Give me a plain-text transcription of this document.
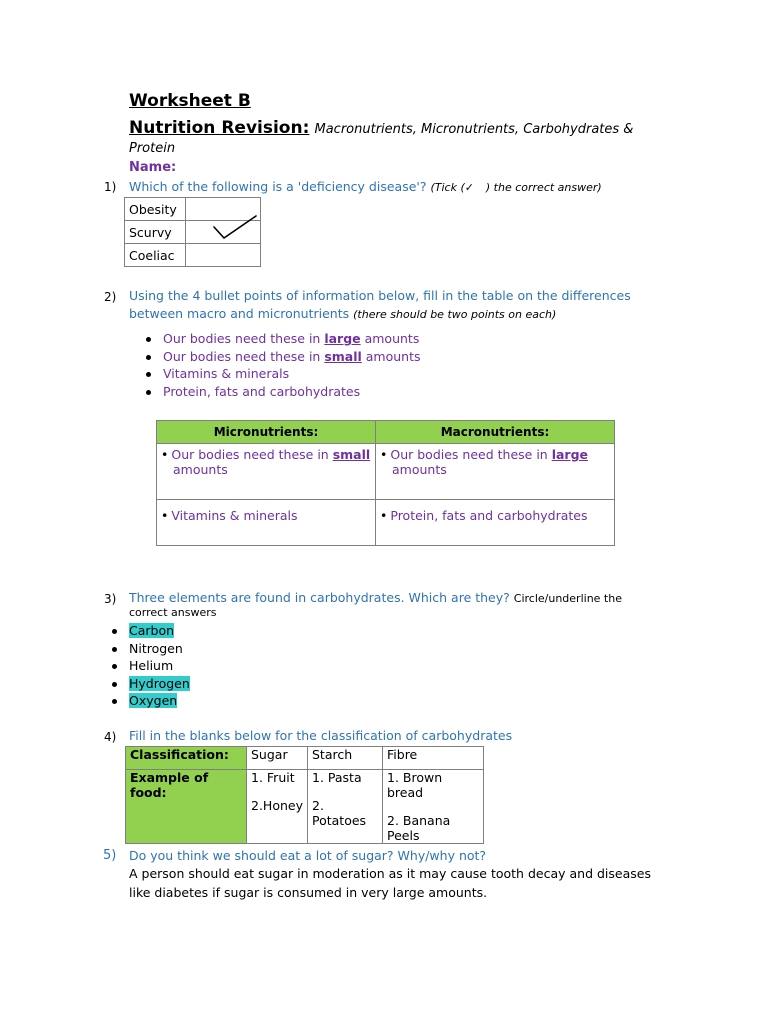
Worksheet B
Nutrition Revision: Macronutrients, Micronutrients, Carbohydrates &
Protein
Name:
1) Which of the following is a 'deficiency disease'? (Tick (✓ ) the correct answer)
Obesity	
Scurvy	

Coeliac	
2) Using the 4 bullet points of information below, fill in the table on the differences
between macro and micronutrients (there should be two points on each)
Our bodies need these in large amounts
Our bodies need these in small amounts
Vitamins & minerals
Protein, fats and carbohydrates
Micronutrients:	Macronutrients:
• Our bodies need these in small
amounts	• Our bodies need these in large
amounts
• Vitamins & minerals	• Protein, fats and carbohydrates
3) Three elements are found in carbohydrates. Which are they? Circle/underline the
correct answers
Carbon
Nitrogen
Helium
Hydrogen
Oxygen
4) Fill in the blanks below for the classification of carbohydrates
Classification:	Sugar	Starch	Fibre
Example of food:	1. Fruit
2.Honey	1. Pasta
2. Potatoes	1. Brown bread
2. Banana Peels
5) Do you think we should eat a lot of sugar? Why/why not?
A person should eat sugar in moderation as it may cause tooth decay and diseases
like diabetes if sugar is consumed in very large amounts.
